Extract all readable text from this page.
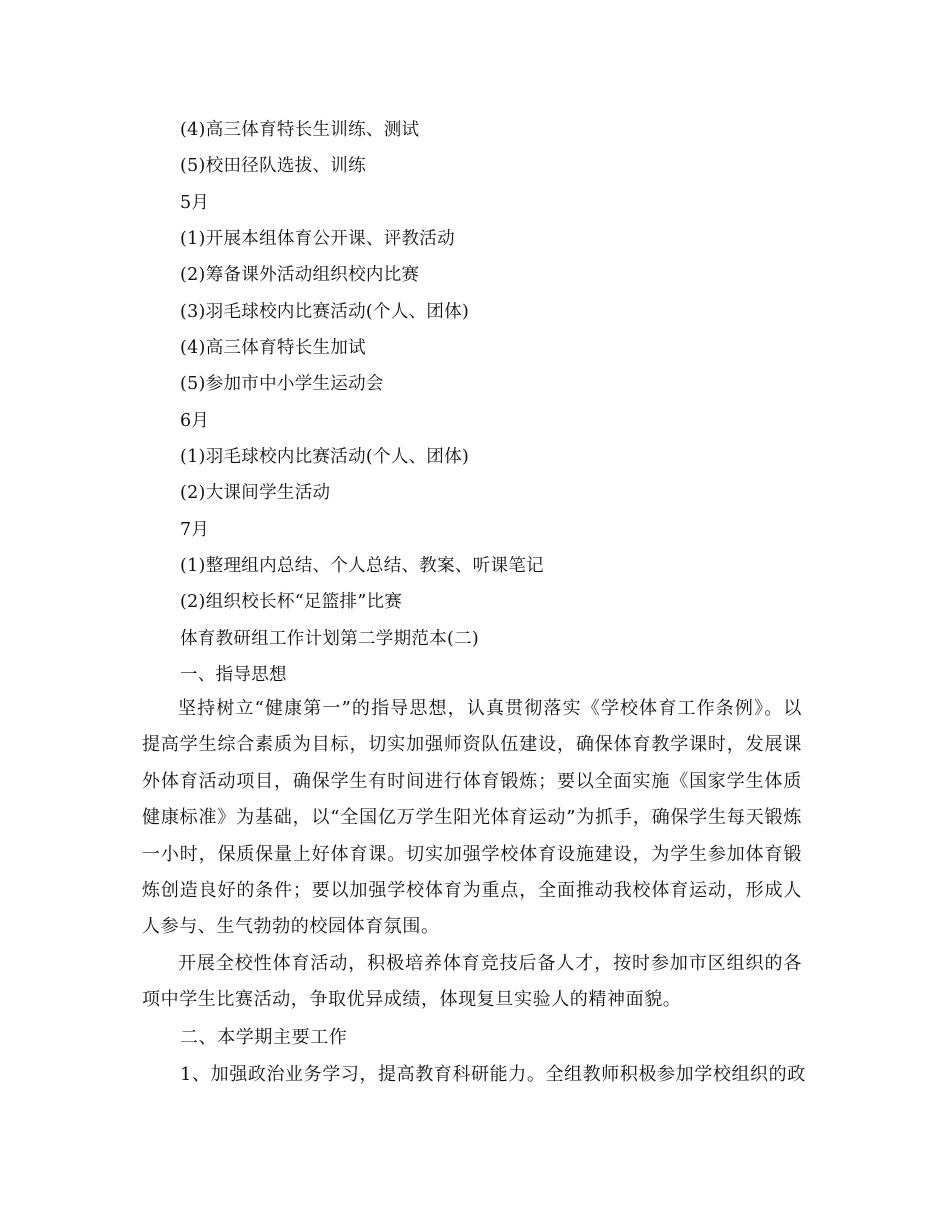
(4)高三体育特长生训练、测试
(5)校田径队选拔、训练
5月
(1)开展本组体育公开课、评教活动
(2)筹备课外活动组织校内比赛
(3)羽毛球校内比赛活动(个人、团体)
(4)高三体育特长生加试
(5)参加市中小学生运动会
6月
(1)羽毛球校内比赛活动(个人、团体)
(2)大课间学生活动
7月
(1)整理组内总结、个人总结、教案、听课笔记
(2)组织校长杯“足篮排”比赛
体育教研组工作计划第二学期范本(二)
一、指导思想

坚持树立“健康第一”的指导思想，认真贯彻落实《学校体育工作条例》。以提高学生综合素质为目标，切实加强师资队伍建设，确保体育教学课时，发展课外体育活动项目，确保学生有时间进行体育锻炼；要以全面实施《国家学生体质健康标准》为基础，以“全国亿万学生阳光体育运动”为抓手，确保学生每天锻炼一小时，保质保量上好体育课。切实加强学校体育设施建设，为学生参加体育锻炼创造良好的条件；要以加强学校体育为重点，全面推动我校体育运动，形成人人参与、生气勃勃的校园体育氛围。

开展全校性体育活动，积极培养体育竞技后备人才，按时参加市区组织的各项中学生比赛活动，争取优异成绩，体现复旦实验人的精神面貌。

二、本学期主要工作
1、加强政治业务学习，提高教育科研能力。全组教师积极参加学校组织的政
